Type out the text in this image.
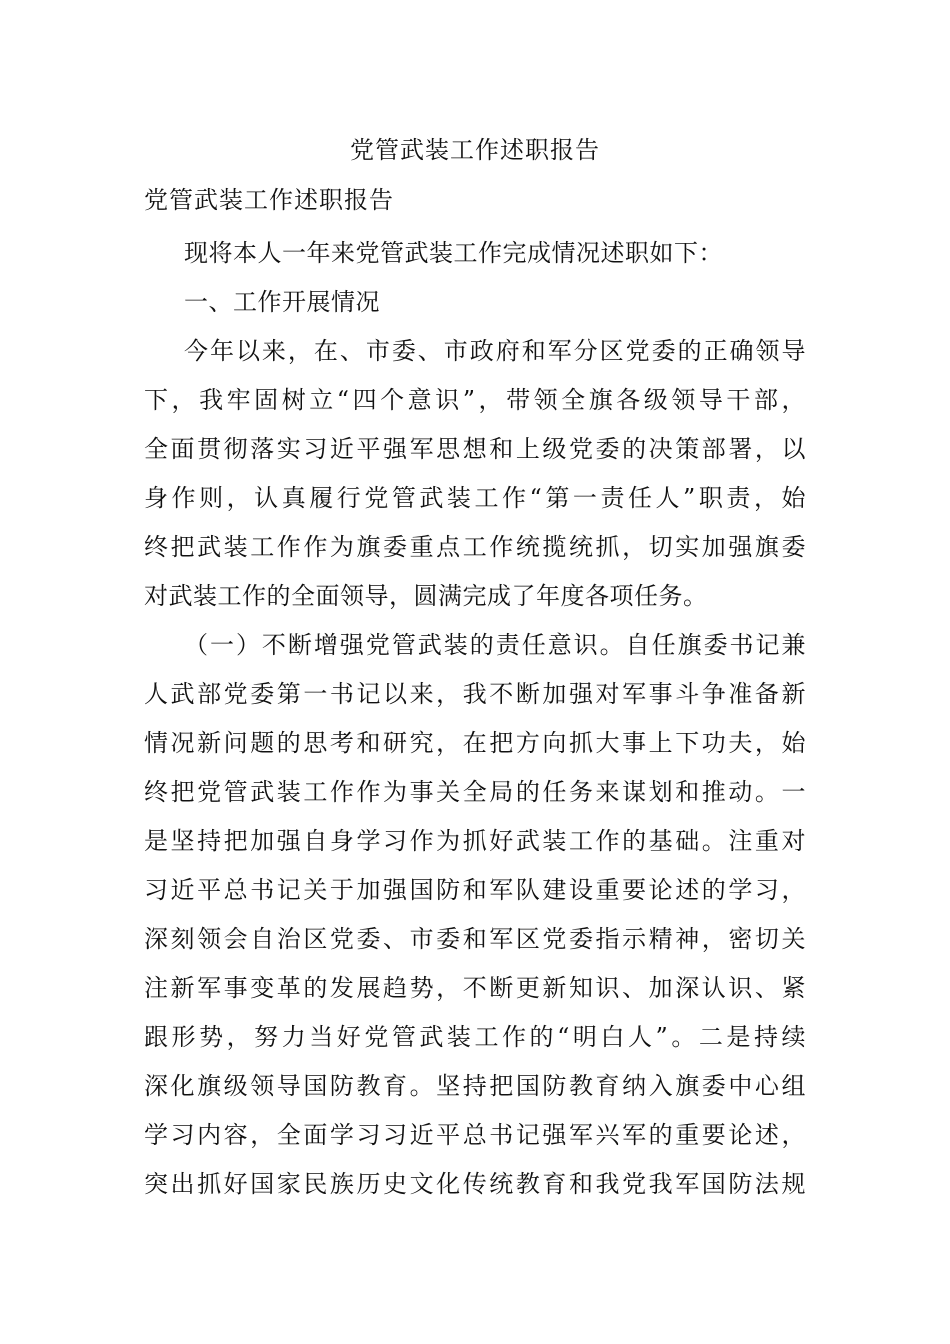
党管武装工作述职报告
党管武装工作述职报告
现将本人一年来党管武装工作完成情况述职如下：
一、工作开展情况
今年以来，在、市委、市政府和军分区党委的正确领导
下，我牢固树立“四个意识”，带领全旗各级领导干部，
全面贯彻落实习近平强军思想和上级党委的决策部署，以
身作则，认真履行党管武装工作“第一责任人”职责，始
终把武装工作作为旗委重点工作统揽统抓，切实加强旗委
对武装工作的全面领导，圆满完成了年度各项任务。
（一）不断增强党管武装的责任意识。自任旗委书记兼
人武部党委第一书记以来，我不断加强对军事斗争准备新
情况新问题的思考和研究，在把方向抓大事上下功夫，始
终把党管武装工作作为事关全局的任务来谋划和推动。一
是坚持把加强自身学习作为抓好武装工作的基础。注重对
习近平总书记关于加强国防和军队建设重要论述的学习，
深刻领会自治区党委、市委和军区党委指示精神，密切关
注新军事变革的发展趋势，不断更新知识、加深认识、紧
跟形势，努力当好党管武装工作的“明白人”。二是持续
深化旗级领导国防教育。坚持把国防教育纳入旗委中心组
学习内容，全面学习习近平总书记强军兴军的重要论述，
突出抓好国家民族历史文化传统教育和我党我军国防法规
